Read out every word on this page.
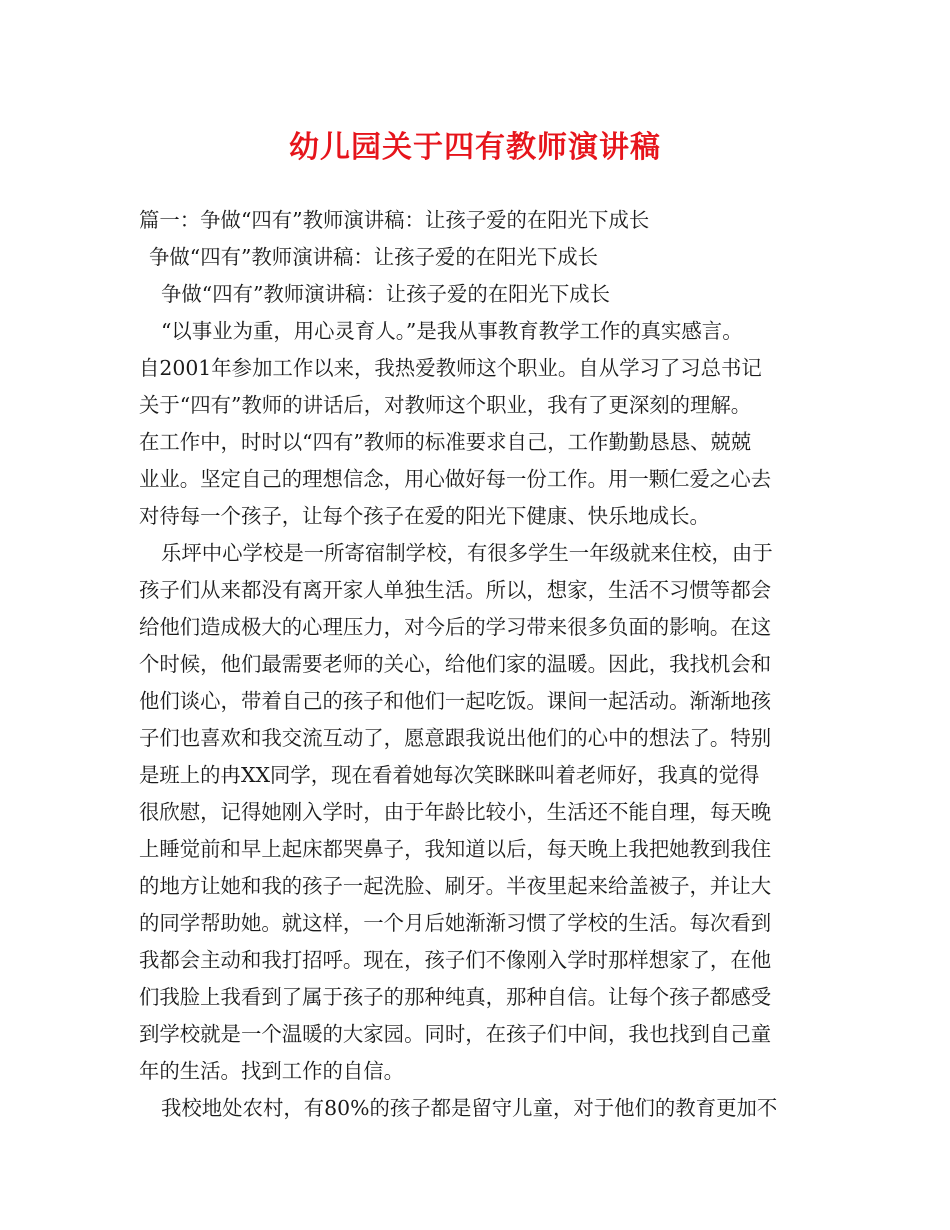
幼儿园关于四有教师演讲稿
篇一：争做“四有”教师演讲稿：让孩子爱的在阳光下成长
争做“四有”教师演讲稿：让孩子爱的在阳光下成长
争做“四有”教师演讲稿：让孩子爱的在阳光下成长
“以事业为重，用心灵育人。”是我从事教育教学工作的真实感言。
自2001年参加工作以来，我热爱教师这个职业。自从学习了习总书记
关于“四有”教师的讲话后，对教师这个职业，我有了更深刻的理解。
在工作中，时时以“四有”教师的标准要求自己，工作勤勤恳恳、兢兢
业业。坚定自己的理想信念，用心做好每一份工作。用一颗仁爱之心去
对待每一个孩子，让每个孩子在爱的阳光下健康、快乐地成长。
乐坪中心学校是一所寄宿制学校，有很多学生一年级就来住校，由于
孩子们从来都没有离开家人单独生活。所以，想家，生活不习惯等都会
给他们造成极大的心理压力，对今后的学习带来很多负面的影响。在这
个时候，他们最需要老师的关心，给他们家的温暖。因此，我找机会和
他们谈心，带着自己的孩子和他们一起吃饭。课间一起活动。渐渐地孩
子们也喜欢和我交流互动了，愿意跟我说出他们的心中的想法了。特别
是班上的冉XX同学，现在看着她每次笑眯眯叫着老师好，我真的觉得
很欣慰，记得她刚入学时，由于年龄比较小，生活还不能自理，每天晚
上睡觉前和早上起床都哭鼻子，我知道以后，每天晚上我把她教到我住
的地方让她和我的孩子一起洗脸、刷牙。半夜里起来给盖被子，并让大
的同学帮助她。就这样，一个月后她渐渐习惯了学校的生活。每次看到
我都会主动和我打招呼。现在，孩子们不像刚入学时那样想家了，在他
们我脸上我看到了属于孩子的那种纯真，那种自信。让每个孩子都感受
到学校就是一个温暖的大家园。同时，在孩子们中间，我也找到自己童
年的生活。找到工作的自信。
我校地处农村，有80%的孩子都是留守儿童，对于他们的教育更加不
